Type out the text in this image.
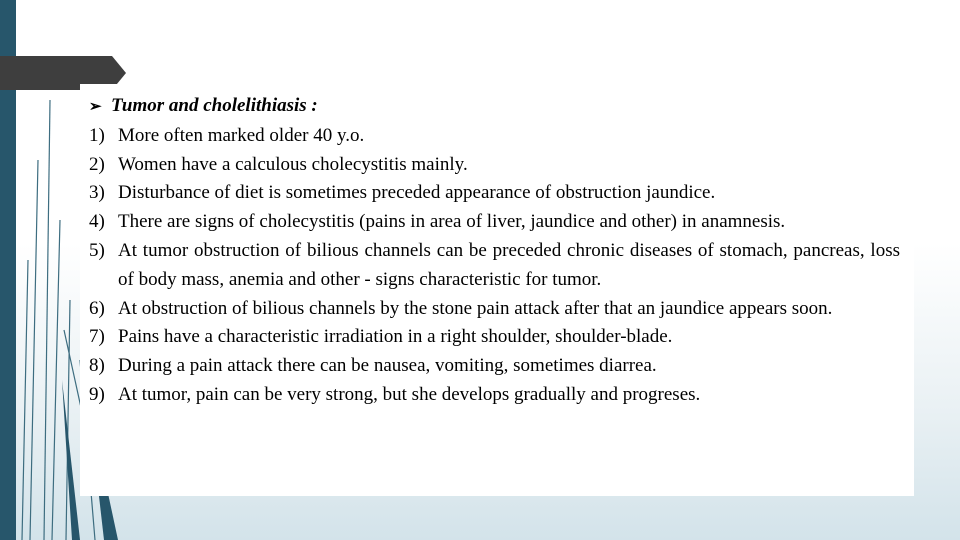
➢ Tumor and cholelithiasis :
1) More often marked older 40 y.o.
2) Women have a calculous cholecystitis mainly.
3) Disturbance of diet is sometimes preceded appearance of obstruction jaundice.
4) There are signs of cholecystitis (pains in area of liver, jaundice and other) in anamnesis.
5) At tumor obstruction of bilious channels can be preceded chronic diseases of stomach, pancreas, loss of body mass, anemia and other - signs characteristic for tumor.
6) At obstruction of bilious channels by the stone pain attack after that an jaundice appears soon.
7) Pains have a characteristic irradiation in a right shoulder, shoulder-blade.
8) During a pain attack there can be nausea, vomiting, sometimes diarrea.
9) At tumor, pain can be very strong, but she develops gradually and progreses.
